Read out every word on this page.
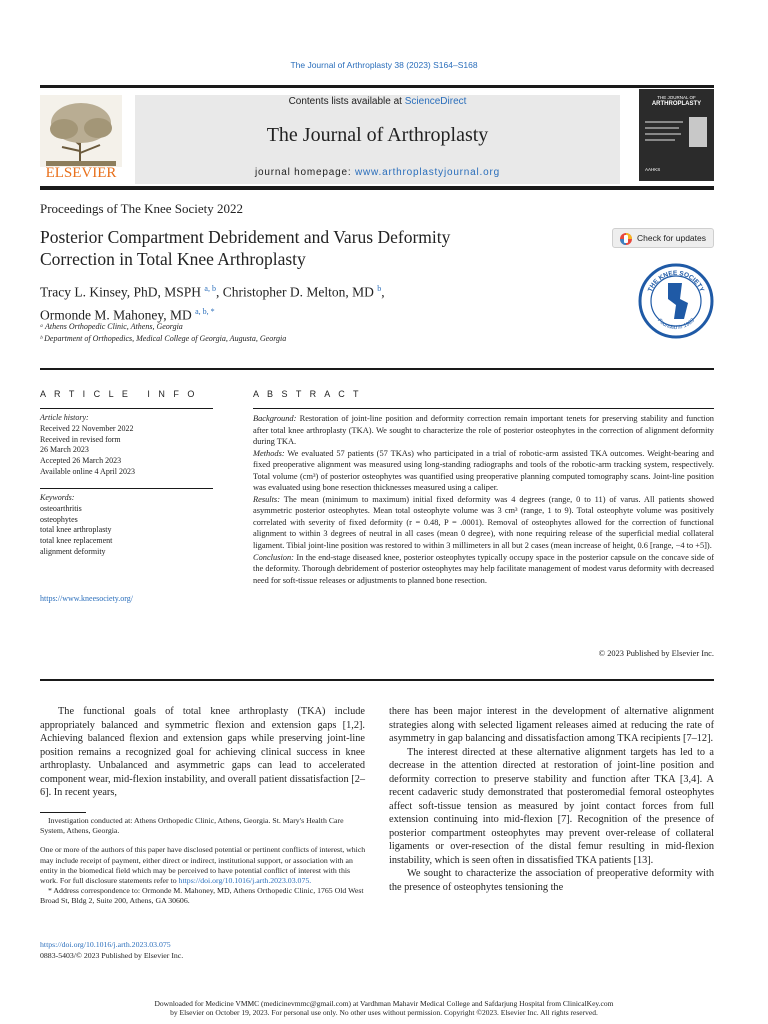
The Journal of Arthroplasty 38 (2023) S164–S168
ELSEVIER
Contents lists available at ScienceDirect
The Journal of Arthroplasty
journal homepage: www.arthroplastyjournal.org
THE JOURNAL OF
ARTHROPLASTY
AAHKS
Proceedings of The Knee Society 2022
Posterior Compartment Debridement and Varus Deformity
Correction in Total Knee Arthroplasty
Tracy L. Kinsey, PhD, MSPH $^{a, b}$, Christopher D. Melton, MD $^b$,
Ormonde M. Mahoney, MD $^{a, b, *}$
ᵃ Athens Orthopedic Clinic, Athens, Georgia
ᵇ Department of Orthopedics, Medical College of Georgia, Augusta, Georgia
Check for updates
THE KNEE SOCIETY
Founded in 1983
A R T I C L E   I N F O
Article history:
Received 22 November 2022
Received in revised form
26 March 2023
Accepted 26 March 2023
Available online 4 April 2023
Keywords:
osteoarthritis
osteophytes
total knee arthroplasty
total knee replacement
alignment deformity
https://www.kneesociety.org/
A B S T R A C T

Background: Restoration of joint-line position and deformity correction remain important tenets for preserving stability and function after total knee arthroplasty (TKA). We sought to characterize the role of posterior osteophytes in the correction of alignment deformity during TKA.

Methods: We evaluated 57 patients (57 TKAs) who participated in a trial of robotic-arm assisted TKA outcomes. Weight-bearing and fixed preoperative alignment was measured using long-standing radiographs and tools of the robotic-arm tracking system, respectively. Total volume (cm³) of posterior osteophytes was quantified using preoperative planning computed tomography scans. Joint-line position was evaluated using bone resection thicknesses measured using a caliper.

Results: The mean (minimum to maximum) initial fixed deformity was 4 degrees (range, 0 to 11) of varus. All patients showed asymmetric posterior osteophytes. Mean total osteophyte volume was 3 cm³ (range, 1 to 9). Total osteophyte volume was positively correlated with severity of fixed deformity (r = 0.48, P = .0001). Removal of osteophytes allowed for the correction of functional alignment to within 3 degrees of neutral in all cases (mean 0 degree), with none requiring release of the superficial medial collateral ligament. Tibial joint-line position was restored to within 3 millimeters in all but 2 cases (mean increase of height, 0.6 [range, −4 to +5]).

Conclusion: In the end-stage diseased knee, posterior osteophytes typically occupy space in the posterior capsule on the concave side of the deformity. Thorough debridement of posterior osteophytes may help facilitate management of modest varus deformity with decreased need for soft-tissue releases or adjustments to planned bone resection.

© 2023 Published by Elsevier Inc.

The functional goals of total knee arthroplasty (TKA) include appropriately balanced and symmetric flexion and extension gaps [1,2]. Achieving balanced flexion and extension gaps while preserving joint-line position remains a recognized goal for achieving clinical success in knee arthroplasty. Unbalanced and asymmetric gaps can lead to accelerated component wear, mid-flexion instability, and overall patient dissatisfaction [2–6]. In recent years,

Investigation conducted at: Athens Orthopedic Clinic, Athens, Georgia. St. Mary's Health Care System, Athens, Georgia.

One or more of the authors of this paper have disclosed potential or pertinent conflicts of interest, which may include receipt of payment, either direct or indirect, institutional support, or association with an entity in the biomedical field which may be perceived to have potential conflict of interest with this work. For full disclosure statements refer to https://doi.org/10.1016/j.arth.2023.03.075.

* Address correspondence to: Ormonde M. Mahoney, MD, Athens Orthopedic Clinic, 1765 Old West Broad St, Bldg 2, Suite 200, Athens, GA 30606.

https://doi.org/10.1016/j.arth.2023.03.075
0883-5403/© 2023 Published by Elsevier Inc.

there has been major interest in the development of alternative alignment strategies along with selected ligament releases aimed at reducing the rate of asymmetry in gap balancing and dissatisfaction among TKA recipients [7–12].

The interest directed at these alternative alignment targets has led to a decrease in the attention directed at restoration of joint-line position and deformity correction to preserve stability and function after TKA [3,4]. A recent cadaveric study demonstrated that posteromedial femoral osteophytes affect soft-tissue tension as measured by joint contact forces from full extension continuing into mid-flexion [7]. Recognition of the presence of posterior compartment osteophytes may prevent over-release of collateral ligaments or over-resection of the distal femur resulting in mid-flexion instability, which is seen often in dissatisfied TKA patients [13].

We sought to characterize the association of preoperative deformity with the presence of osteophytes tensioning the

Downloaded for Medicine VMMC (medicinevmmc@gmail.com) at Vardhman Mahavir Medical College and Safdarjung Hospital from ClinicalKey.com
by Elsevier on October 19, 2023. For personal use only. No other uses without permission. Copyright ©2023. Elsevier Inc. All rights reserved.
